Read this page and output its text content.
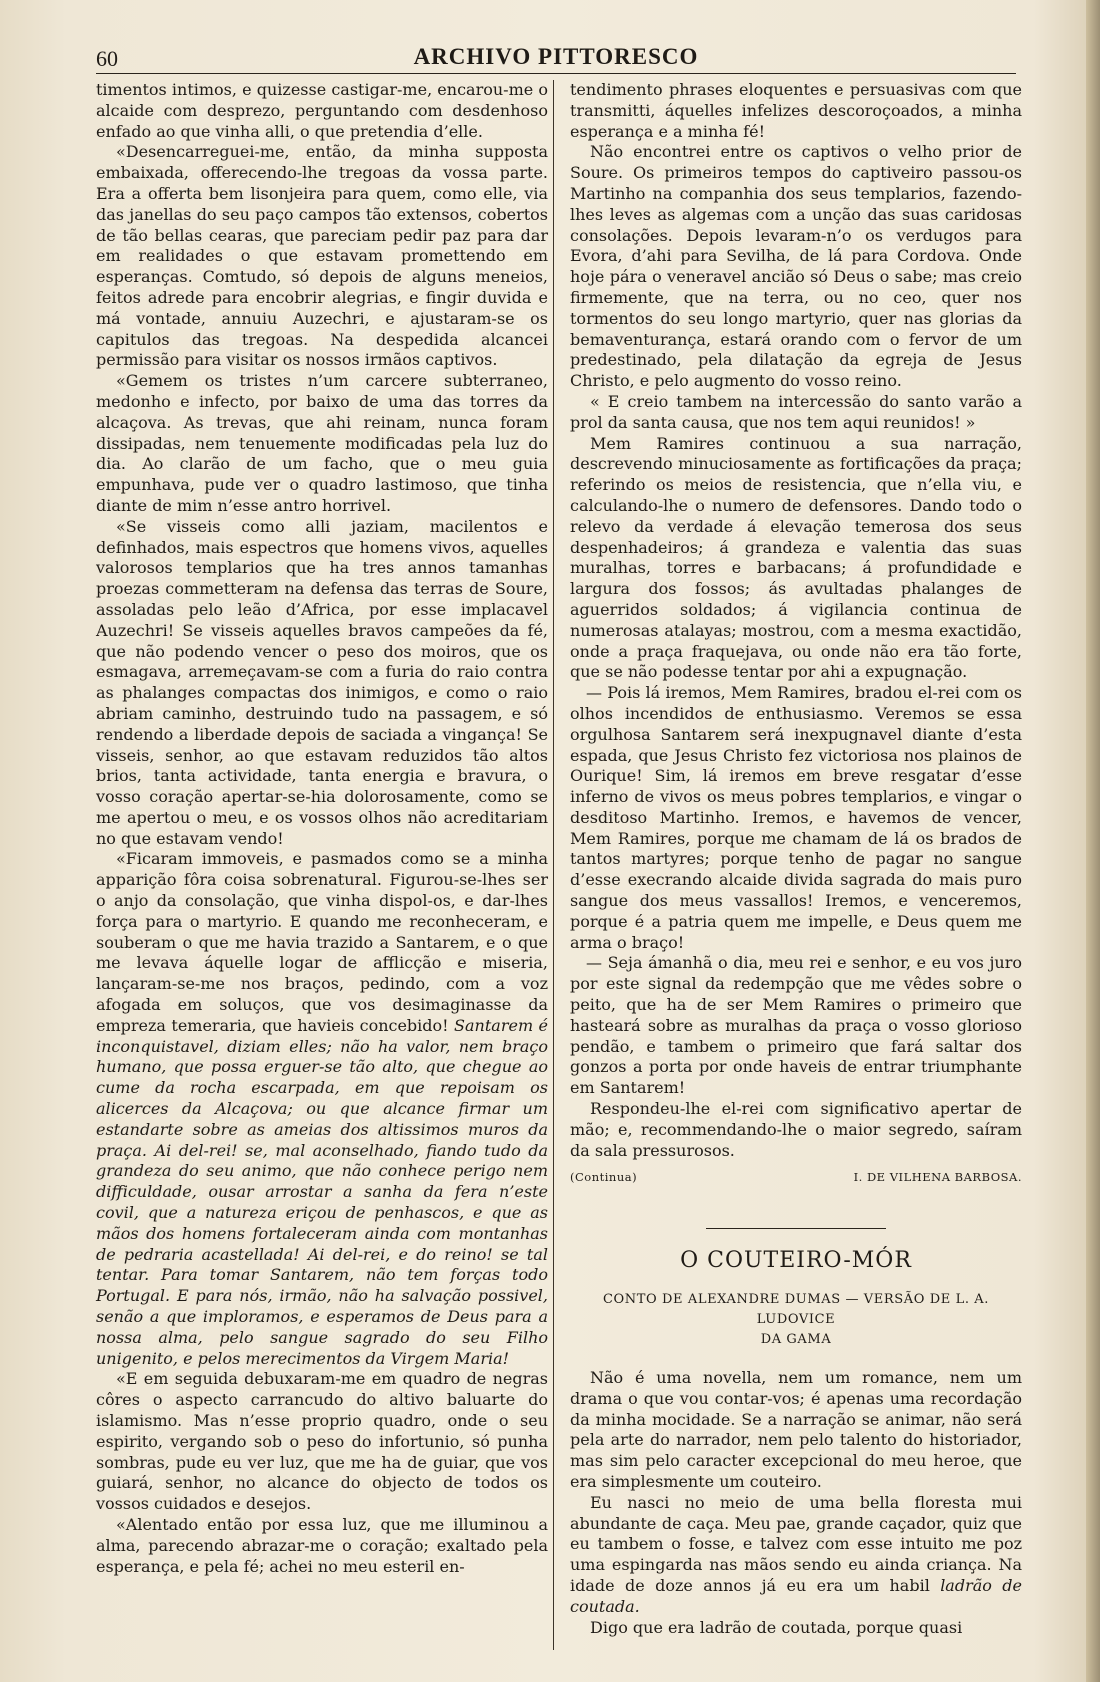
60	ARCHIVO PITTORESCO

timentos intimos, e quizesse castigar-me, encarou-me o alcaide com desprezo, perguntando com desdenhoso enfado ao que vinha alli, o que pretendia d’elle.

«Desencarreguei-me, então, da minha supposta embaixada, offerecendo-lhe tregoas da vossa parte. Era a offerta bem lisonjeira para quem, como elle, via das janellas do seu paço campos tão extensos, cobertos de tão bellas cearas, que pareciam pedir paz para dar em realidades o que estavam promettendo em esperanças. Comtudo, só depois de alguns meneios, feitos adrede para encobrir alegrias, e fingir duvida e má vontade, annuiu Auzechri, e ajustaram-se os capitulos das tregoas. Na despedida alcancei permissão para visitar os nossos irmãos captivos.

«Gemem os tristes n’um carcere subterraneo, medonho e infecto, por baixo de uma das torres da alcaçova. As trevas, que ahi reinam, nunca foram dissipadas, nem tenuemente modificadas pela luz do dia. Ao clarão de um facho, que o meu guia empunhava, pude ver o quadro lastimoso, que tinha diante de mim n’esse antro horrivel.

«Se visseis como alli jaziam, macilentos e definhados, mais espectros que homens vivos, aquelles valorosos templarios que ha tres annos tamanhas proezas commetteram na defensa das terras de Soure, assoladas pelo leão d’Africa, por esse implacavel Auzechri! Se visseis aquelles bravos campeões da fé, que não podendo vencer o peso dos moiros, que os esmagava, arremeçavam-se com a furia do raio contra as phalanges compactas dos inimigos, e como o raio abriam caminho, destruindo tudo na passagem, e só rendendo a liberdade depois de saciada a vingança! Se visseis, senhor, ao que estavam reduzidos tão altos brios, tanta actividade, tanta energia e bravura, o vosso coração apertar-se-hia dolorosamente, como se me apertou o meu, e os vossos olhos não acreditariam no que estavam vendo!

«Ficaram immoveis, e pasmados como se a minha apparição fôra coisa sobrenatural. Figurou-se-lhes ser o anjo da consolação, que vinha dispol-os, e dar-lhes força para o martyrio. E quando me reconheceram, e souberam o que me havia trazido a Santarem, e o que me levava áquelle logar de afflicção e miseria, lançaram-se-me nos braços, pedindo, com a voz afogada em soluços, que vos desimaginasse da empreza temeraria, que havieis concebido! Santarem é inconquistavel, diziam elles; não ha valor, nem braço humano, que possa erguer-se tão alto, que chegue ao cume da rocha escarpada, em que repoisam os alicerces da Alcaçova; ou que alcance firmar um estandarte sobre as ameias dos altissimos muros da praça. Ai del-rei! se, mal aconselhado, fiando tudo da grandeza do seu animo, que não conhece perigo nem difficuldade, ousar arrostar a sanha da fera n’este covil, que a natureza eriçou de penhascos, e que as mãos dos homens fortaleceram ainda com montanhas de pedraria acastellada! Ai del-rei, e do reino! se tal tentar. Para tomar Santarem, não tem forças todo Portugal. E para nós, irmão, não ha salvação possivel, senão a que imploramos, e esperamos de Deus para a nossa alma, pelo sangue sagrado do seu Filho unigenito, e pelos merecimentos da Virgem Maria!

«E em seguida debuxaram-me em quadro de negras côres o aspecto carrancudo do altivo baluarte do islamismo. Mas n’esse proprio quadro, onde o seu espirito, vergando sob o peso do infortunio, só punha sombras, pude eu ver luz, que me ha de guiar, que vos guiará, senhor, no alcance do objecto de todos os vossos cuidados e desejos.

«Alentado então por essa luz, que me illuminou a alma, parecendo abrazar-me o coração; exaltado pela esperança, e pela fé; achei no meu esteril en-

tendimento phrases eloquentes e persuasivas com que transmitti, áquelles infelizes descoroçoados, a minha esperança e a minha fé!

Não encontrei entre os captivos o velho prior de Soure. Os primeiros tempos do captiveiro passou-os Martinho na companhia dos seus templarios, fazendo-lhes leves as algemas com a unção das suas caridosas consolações. Depois levaram-n’o os verdugos para Evora, d’ahi para Sevilha, de lá para Cordova. Onde hoje pára o veneravel ancião só Deus o sabe; mas creio firmemente, que na terra, ou no ceo, quer nos tormentos do seu longo martyrio, quer nas glorias da bemaventurança, estará orando com o fervor de um predestinado, pela dilatação da egreja de Jesus Christo, e pelo augmento do vosso reino.

« E creio tambem na intercessão do santo varão a prol da santa causa, que nos tem aqui reunidos! »

Mem Ramires continuou a sua narração, descrevendo minuciosamente as fortificações da praça; referindo os meios de resistencia, que n’ella viu, e calculando-lhe o numero de defensores. Dando todo o relevo da verdade á elevação temerosa dos seus despenhadeiros; á grandeza e valentia das suas muralhas, torres e barbacans; á profundidade e largura dos fossos; ás avultadas phalanges de aguerridos soldados; á vigilancia continua de numerosas atalayas; mostrou, com a mesma exactidão, onde a praça fraquejava, ou onde não era tão forte, que se não podesse tentar por ahi a expugnação.

— Pois lá iremos, Mem Ramires, bradou el-rei com os olhos incendidos de enthusiasmo. Veremos se essa orgulhosa Santarem será inexpugnavel diante d’esta espada, que Jesus Christo fez victoriosa nos plainos de Ourique! Sim, lá iremos em breve resgatar d’esse inferno de vivos os meus pobres templarios, e vingar o desditoso Martinho. Iremos, e havemos de vencer, Mem Ramires, porque me chamam de lá os brados de tantos martyres; porque tenho de pagar no sangue d’esse execrando alcaide divida sagrada do mais puro sangue dos meus vassallos! Iremos, e venceremos, porque é a patria quem me impelle, e Deus quem me arma o braço!

— Seja ámanhã o dia, meu rei e senhor, e eu vos juro por este signal da redempção que me vêdes sobre o peito, que ha de ser Mem Ramires o primeiro que hasteará sobre as muralhas da praça o vosso glorioso pendão, e tambem o primeiro que fará saltar dos gonzos a porta por onde haveis de entrar triumphante em Santarem!

Respondeu-lhe el-rei com significativo apertar de mão; e, recommendando-lhe o maior segredo, saíram da sala pressurosos.

(Continua)	I. DE VILHENA BARBOSA.
O COUTEIRO-MÓR
CONTO DE ALEXANDRE DUMAS — VERSÃO DE L. A. LUDOVICE
DA GAMA

Não é uma novella, nem um romance, nem um drama o que vou contar-vos; é apenas uma recordação da minha mocidade. Se a narração se animar, não será pela arte do narrador, nem pelo talento do historiador, mas sim pelo caracter excepcional do meu heroe, que era simplesmente um couteiro.

Eu nasci no meio de uma bella floresta mui abundante de caça. Meu pae, grande caçador, quiz que eu tambem o fosse, e talvez com esse intuito me poz uma espingarda nas mãos sendo eu ainda criança. Na idade de doze annos já eu era um habil ladrão de coutada.

Digo que era ladrão de coutada, porque quasi
